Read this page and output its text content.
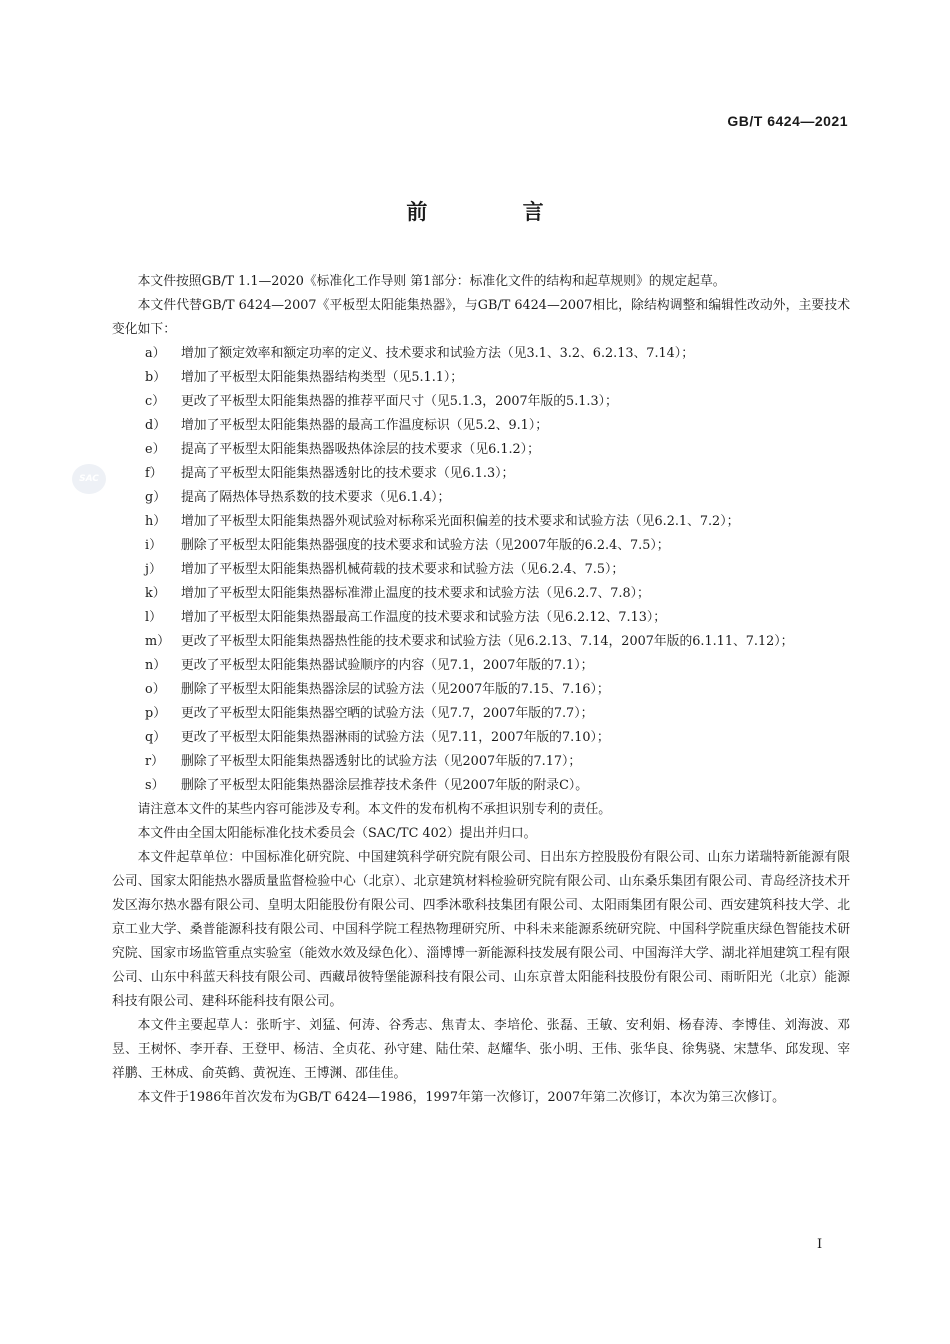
GB/T 6424—2021
前 言
SAC

本文件按照GB/T 1.1—2020《标准化工作导则 第1部分：标准化文件的结构和起草规则》的规定起草。

本文件代替GB/T 6424—2007《平板型太阳能集热器》，与GB/T 6424—2007相比，除结构调整和编辑性改动外，主要技术变化如下：

a） 增加了额定效率和额定功率的定义、技术要求和试验方法（见3.1、3.2、6.2.13、7.14）；

b） 增加了平板型太阳能集热器结构类型（见5.1.1）；

c） 更改了平板型太阳能集热器的推荐平面尺寸（见5.1.3，2007年版的5.1.3）；

d） 增加了平板型太阳能集热器的最高工作温度标识（见5.2、9.1）；

e） 提高了平板型太阳能集热器吸热体涂层的技术要求（见6.1.2）；

f） 提高了平板型太阳能集热器透射比的技术要求（见6.1.3）；

g） 提高了隔热体导热系数的技术要求（见6.1.4）；

h） 增加了平板型太阳能集热器外观试验对标称采光面积偏差的技术要求和试验方法（见6.2.1、7.2）；

i） 删除了平板型太阳能集热器强度的技术要求和试验方法（见2007年版的6.2.4、7.5）；

j） 增加了平板型太阳能集热器机械荷载的技术要求和试验方法（见6.2.4、7.5）；

k） 增加了平板型太阳能集热器标准滞止温度的技术要求和试验方法（见6.2.7、7.8）；

l） 增加了平板型太阳能集热器最高工作温度的技术要求和试验方法（见6.2.12、7.13）；

m） 更改了平板型太阳能集热器热性能的技术要求和试验方法（见6.2.13、7.14，2007年版的6.1.11、7.12）；

n） 更改了平板型太阳能集热器试验顺序的内容（见7.1，2007年版的7.1）；

o） 删除了平板型太阳能集热器涂层的试验方法（见2007年版的7.15、7.16）；

p） 更改了平板型太阳能集热器空晒的试验方法（见7.7，2007年版的7.7）；

q） 更改了平板型太阳能集热器淋雨的试验方法（见7.11，2007年版的7.10）；

r） 删除了平板型太阳能集热器透射比的试验方法（见2007年版的7.17）；

s） 删除了平板型太阳能集热器涂层推荐技术条件（见2007年版的附录C）。

请注意本文件的某些内容可能涉及专利。本文件的发布机构不承担识别专利的责任。

本文件由全国太阳能标准化技术委员会（SAC/TC 402）提出并归口。

本文件起草单位：中国标准化研究院、中国建筑科学研究院有限公司、日出东方控股股份有限公司、山东力诺瑞特新能源有限公司、国家太阳能热水器质量监督检验中心（北京）、北京建筑材料检验研究院有限公司、山东桑乐集团有限公司、青岛经济技术开发区海尔热水器有限公司、皇明太阳能股份有限公司、四季沐歌科技集团有限公司、太阳雨集团有限公司、西安建筑科技大学、北京工业大学、桑普能源科技有限公司、中国科学院工程热物理研究所、中科未来能源系统研究院、中国科学院重庆绿色智能技术研究院、国家市场监管重点实验室（能效水效及绿色化）、淄博博一新能源科技发展有限公司、中国海洋大学、湖北祥旭建筑工程有限公司、山东中科蓝天科技有限公司、西藏昂彼特堡能源科技有限公司、山东京普太阳能科技股份有限公司、雨昕阳光（北京）能源科技有限公司、建科环能科技有限公司。

本文件主要起草人：张昕宇、刘猛、何涛、谷秀志、焦青太、李培伦、张磊、王敏、安利娟、杨春涛、李博佳、刘海波、邓昱、王树怀、李开春、王登甲、杨洁、全贞花、孙守建、陆仕荣、赵耀华、张小明、王伟、张华良、徐隽骁、宋慧华、邱发现、宰祥鹏、王林成、俞英鹤、黄祝连、王博渊、邵佳佳。

本文件于1986年首次发布为GB/T 6424—1986，1997年第一次修订，2007年第二次修订，本次为第三次修订。

I
